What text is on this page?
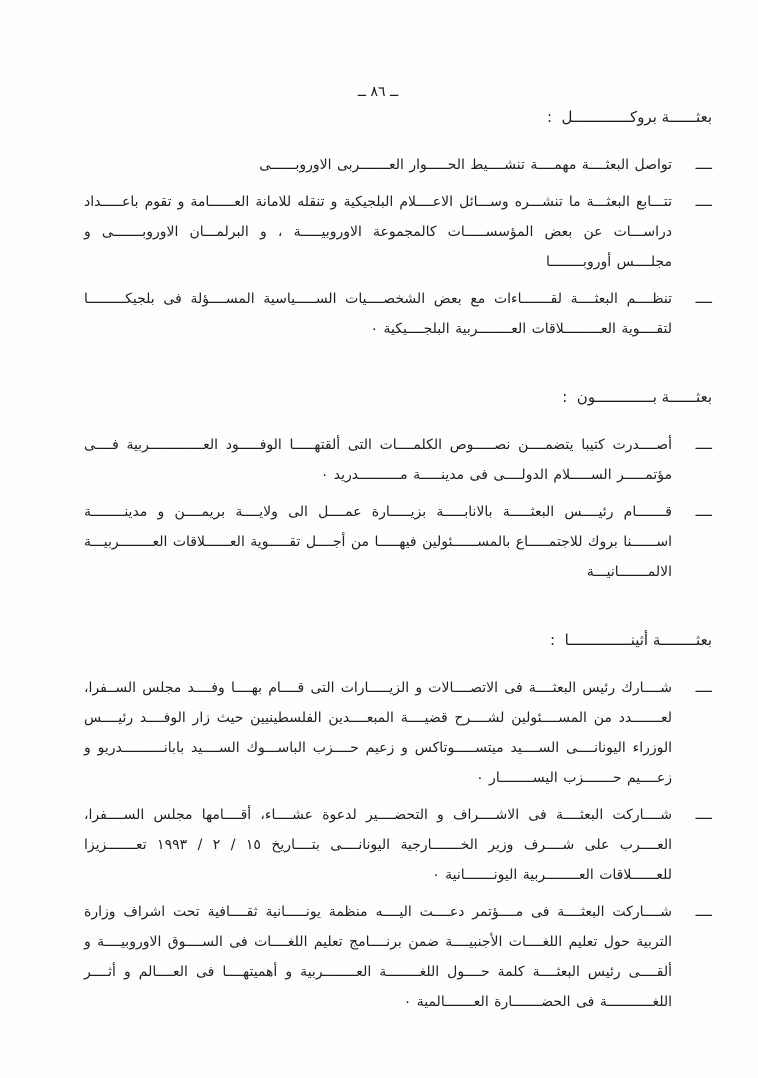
ــ ٨٦ ــ
بعثــــــة بروكـــــــــــــل  :
ــــ

تواصل البعثــــة مهمــــة تنشــــيط الحـــــوار العـــــــربى الاوروبــــــى

ــــ

تتـــابع البعثـــة ما تنشـــره وســـائل الاعــــلام البلجيكية و تنقله للامانة العــــــامة و تقوم باعـــــداد دراســـات عن بعض المؤسســـــات كالمجموعة الاوروبيـــــة ، و البرلمـــان الاوروبـــــــى و مجلــــس أوروبــــــــا

ــــ

تنظــــم البعثــــة لقـــــــاءات مع بعض الشخصــــيات الســـــياسية المســــؤلة فى بلجيكـــــــــا لتقــــوية العـــــــــلاقات العــــــــربية البلجــــيكية ٠

بعثــــــة بـــــــــــــون  :
ــــ

أصــــدرت كتيبا يتضمــــن نصـــــوص الكلمــــات التى ألقتهـــــا الوفـــــود العـــــــــــــربية فــــى مؤتمـــــر الســـــلام الدولــــى فى مدينـــــة مــــــــــدريد ٠

ــــ

قـــــــام رئيــــس البعثـــــة بالانابـــــة بزيـــــارة عمــــل الى ولايــــة بريمــــن و مدينــــــــة اســــــنا بروك للاجتمـــــاع بالمســــــئولين فيهـــــا من أجــــل تقـــــوية العــــــلاقات العــــــــربيـــة الالمـــــــانيـــة

بعثــــــــة أثينــــــــــــــا  :
ــــ

شــــارك رئيس البعثــــة فى الاتصــــالات و الزيـــــارات التى قــــام بهــــا وفــــد مجلس الســفرا، لعـــــــدد من المســــئولين لشــــرح قضيــــة المبعــــدين الفلسطينيين حيث زار الوفــــد رئيــــس الوزراء اليونانــــى الســــيد ميتســـــوتاكس و زعيم حــــزب الباســـوك الســــيد بابانــــــــــدريو و زعــــيم حـــــــزب اليســــــــار ٠

ــــ

شــــاركت البعثــــة فى الاشــــراف و التحضــــير لدعوة عشــــاء، أقــــامها مجلس الســــفرا، العــــرب على شــــرف وزير الخـــــــارجية اليونانــــى بتــــاريخ ١٥ / ٢ / ١٩٩٣ تعـــــــزيزا للعــــــلاقات العــــــــربية اليونـــــــانية ٠

ــــ

شــــاركت البعثــــة فى مــــؤتمر دعــــت اليــــه منظمة يونـــــانية ثقــــافية تحت اشراف وزارة التربية حول تعليم اللغــــات الأجنبيــــة ضمن برنــــامج تعليم اللغــــات فى الســــوق الاوروبيــــة و ألقــــى رئيس البعثــــة كلمة حــــول اللغــــــــة العــــــــربية و أهميتهــــا فى العــــالم و أثــــر اللغـــــــــــة فى الحضـــــــارة العـــــــالمية ٠
